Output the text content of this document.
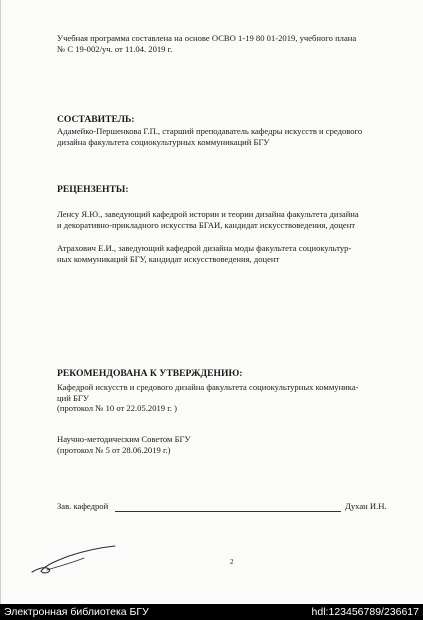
Учебная программа составлена на основе ОСВО 1-19 80 01-2019, учебного плана
№ С 19-002/уч. от 11.04. 2019 г.
СОСТАВИТЕЛЬ:
Адамейко-Першенкова Г.П., старший преподаватель кафедры искусств и средового
дизайна факультета социокультурных коммуникаций БГУ
РЕЦЕНЗЕНТЫ:
Ленсу Я.Ю., заведующий кафедрой истории и теории дизайна факультета дизайна
и декоративно-прикладного искусства БГАИ, кандидат искусствоведения, доцент
Атрахович Е.И., заведующий кафедрой дизайна моды факультета социокультур-
ных коммуникаций БГУ, кандидат искусствоведения, доцент
РЕКОМЕНДОВАНА К УТВЕРЖДЕНИЮ:
Кафедрой искусств и средового дизайна факультета социокультурных коммуника-
ций БГУ
(протокол № 10 от 22.05.2019 г. )
Научно-методическим Советом БГУ
(протокол № 5 от 28.06.2019 г.)
Зав. кафедрой	Духан И.Н.
2
Электронная библиотека БГУ	hdl:123456789/236617
